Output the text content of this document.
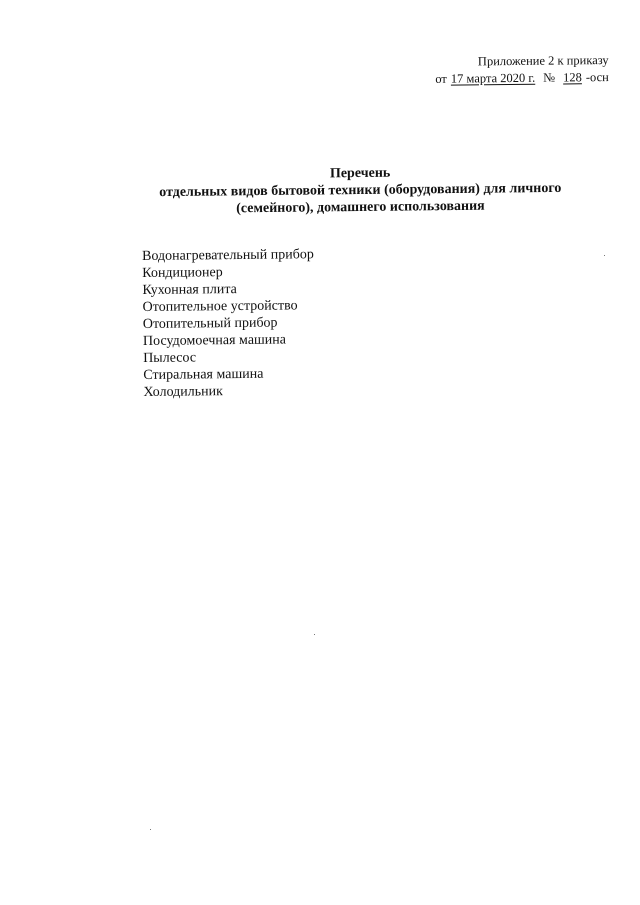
Приложение 2 к приказу
от 17 марта 2020 г. № 128 -осн
Перечень
отдельных видов бытовой техники (оборудования) для личного
(семейного), домашнего использования
Водонагревательный прибор
Кондиционер
Кухонная плита
Отопительное устройство
Отопительный прибор
Посудомоечная машина
Пылесос
Стиральная машина
Холодильник
